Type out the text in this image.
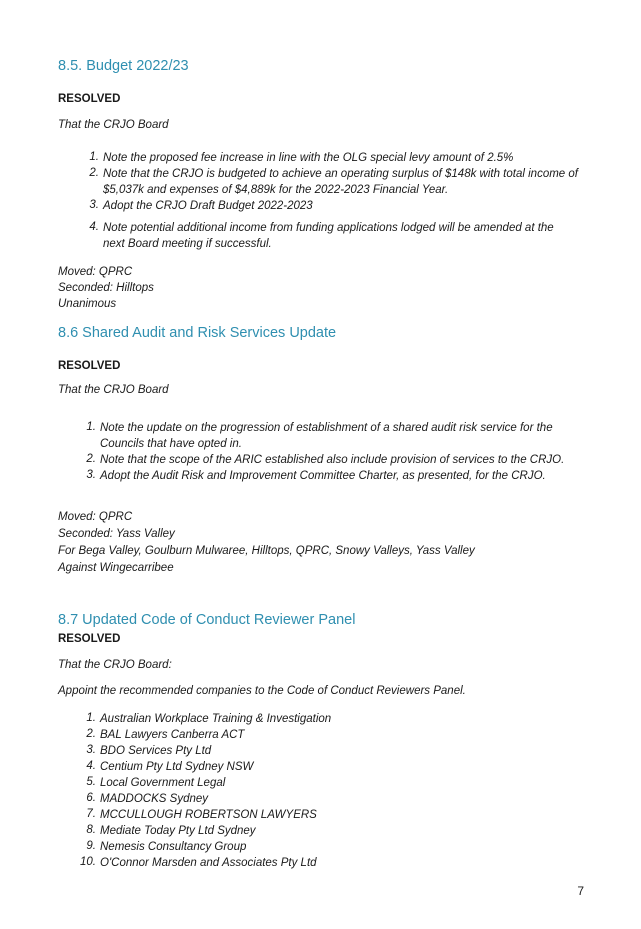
8.5. Budget 2022/23

RESOLVED

That the CRJO Board

1. Note the proposed fee increase in line with the OLG special levy amount of 2.5%
2. Note that the CRJO is budgeted to achieve an operating surplus of $148k with total income of
$5,037k and expenses of $4,889k for the 2022-2023 Financial Year.
3. Adopt the CRJO Draft Budget 2022-2023
4. Note potential additional income from funding applications lodged will be amended at the
next Board meeting if successful.
Moved: QPRC
Seconded: Hilltops
Unanimous
8.6 Shared Audit and Risk Services Update

RESOLVED

That the CRJO Board

1. Note the update on the progression of establishment of a shared audit risk service for the
Councils that have opted in.
2. Note that the scope of the ARIC established also include provision of services to the CRJO.
3. Adopt the Audit Risk and Improvement Committee Charter, as presented, for the CRJO.
Moved: QPRC
Seconded: Yass Valley
For Bega Valley, Goulburn Mulwaree, Hilltops, QPRC, Snowy Valleys, Yass Valley
Against Wingecarribee
8.7 Updated Code of Conduct Reviewer Panel

RESOLVED

That the CRJO Board:

Appoint the recommended companies to the Code of Conduct Reviewers Panel.

1. Australian Workplace Training & Investigation
2. BAL Lawyers Canberra ACT
3. BDO Services Pty Ltd
4. Centium Pty Ltd Sydney NSW
5. Local Government Legal
6. MADDOCKS Sydney
7. MCCULLOUGH ROBERTSON LAWYERS
8. Mediate Today Pty Ltd Sydney
9. Nemesis Consultancy Group
10. O'Connor Marsden and Associates Pty Ltd
7
